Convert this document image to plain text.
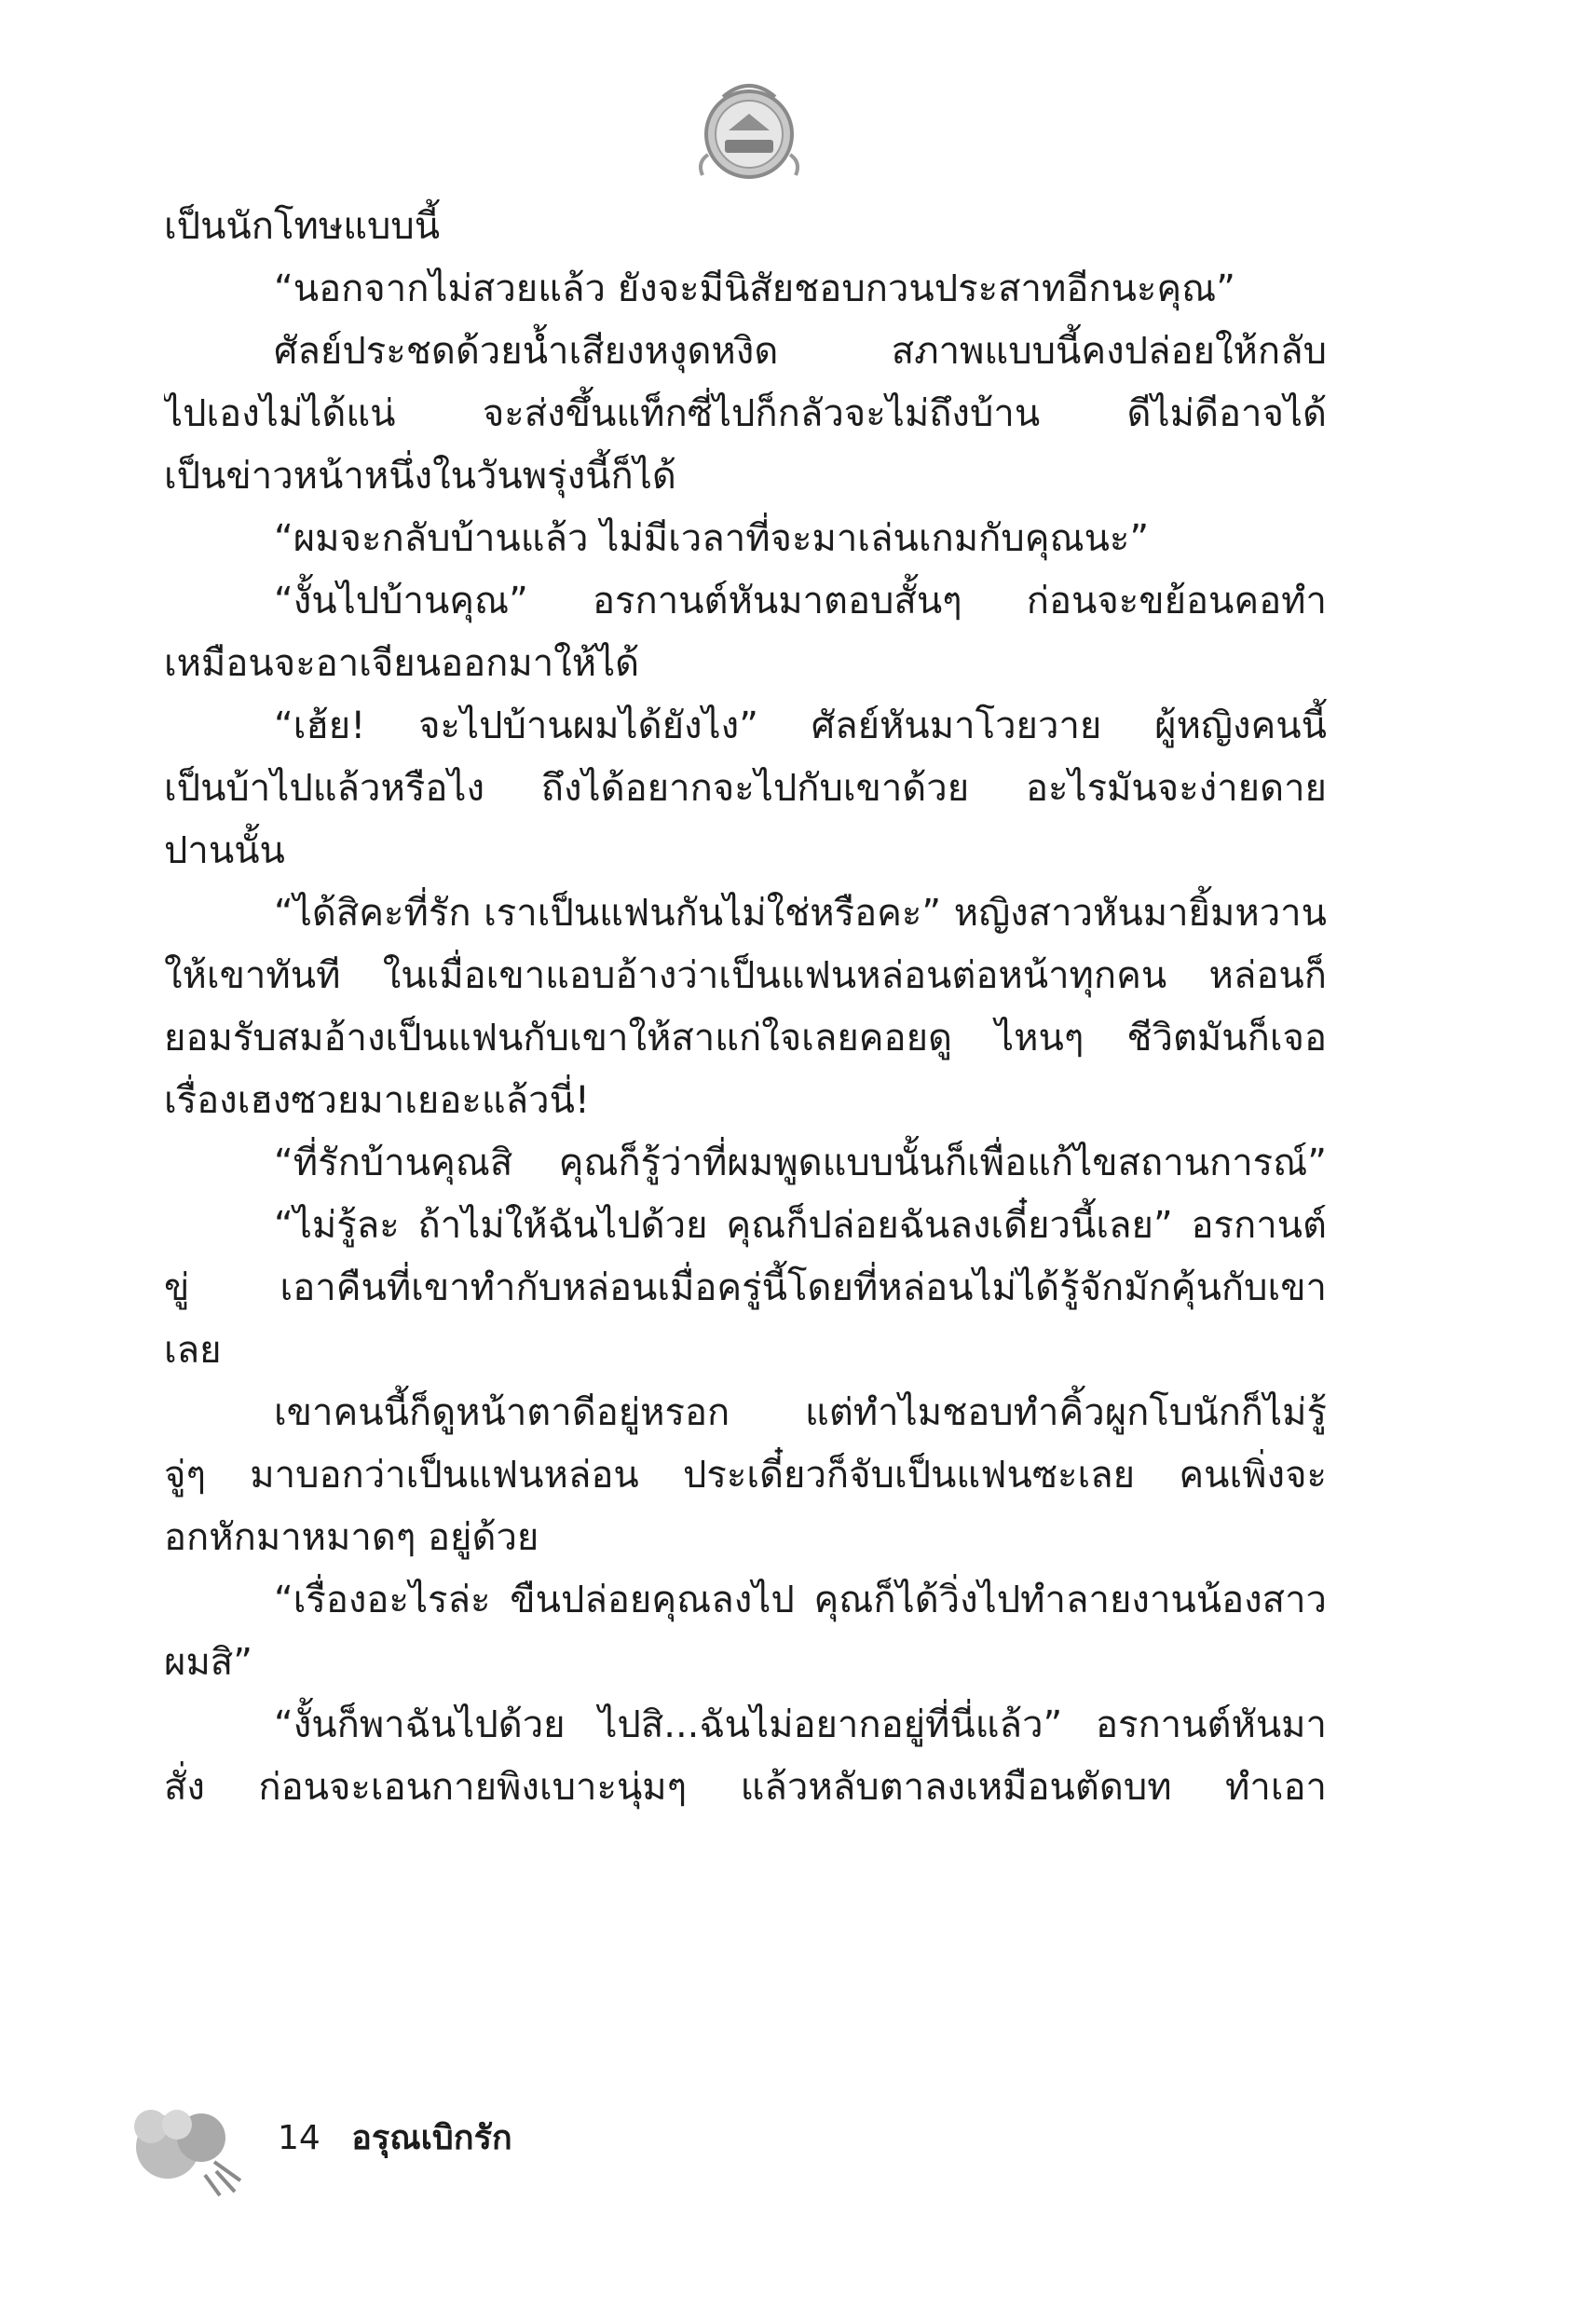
เป็นนักโทษแบบนี้
“นอกจากไม่สวยแล้ว ยังจะมีนิสัยชอบกวนประสาทอีกนะคุณ”
ศัลย์ประชดด้วยน้ำเสียงหงุดหงิด สภาพแบบนี้คงปล่อยให้กลับ
ไปเองไม่ได้แน่ จะส่งขึ้นแท็กซี่ไปก็กลัวจะไม่ถึงบ้าน ดีไม่ดีอาจได้
เป็นข่าวหน้าหนึ่งในวันพรุ่งนี้ก็ได้
“ผมจะกลับบ้านแล้ว ไม่มีเวลาที่จะมาเล่นเกมกับคุณนะ”
“งั้นไปบ้านคุณ” อรกานต์หันมาตอบสั้นๆ ก่อนจะขย้อนคอทำ
เหมือนจะอาเจียนออกมาให้ได้
“เฮ้ย! จะไปบ้านผมได้ยังไง” ศัลย์หันมาโวยวาย ผู้หญิงคนนี้
เป็นบ้าไปแล้วหรือไง ถึงได้อยากจะไปกับเขาด้วย อะไรมันจะง่ายดาย
ปานนั้น
“ได้สิคะที่รัก เราเป็นแฟนกันไม่ใช่หรือคะ” หญิงสาวหันมายิ้มหวาน
ให้เขาทันที ในเมื่อเขาแอบอ้างว่าเป็นแฟนหล่อนต่อหน้าทุกคน หล่อนก็
ยอมรับสมอ้างเป็นแฟนกับเขาให้สาแก่ใจเลยคอยดู ไหนๆ ชีวิตมันก็เจอ
เรื่องเฮงซวยมาเยอะแล้วนี่!
“ที่รักบ้านคุณสิ คุณก็รู้ว่าที่ผมพูดแบบนั้นก็เพื่อแก้ไขสถานการณ์”
“ไม่รู้ละ ถ้าไม่ให้ฉันไปด้วย คุณก็ปล่อยฉันลงเดี๋ยวนี้เลย” อรกานต์
ขู่ เอาคืนที่เขาทำกับหล่อนเมื่อครู่นี้โดยที่หล่อนไม่ได้รู้จักมักคุ้นกับเขา
เลย
เขาคนนี้ก็ดูหน้าตาดีอยู่หรอก แต่ทำไมชอบทำคิ้วผูกโบนักก็ไม่รู้
จู่ๆ มาบอกว่าเป็นแฟนหล่อน ประเดี๋ยวก็จับเป็นแฟนซะเลย คนเพิ่งจะ
อกหักมาหมาดๆ อยู่ด้วย
“เรื่องอะไรล่ะ ขืนปล่อยคุณลงไป คุณก็ได้วิ่งไปทำลายงานน้องสาว
ผมสิ”
“งั้นก็พาฉันไปด้วย ไปสิ...ฉันไม่อยากอยู่ที่นี่แล้ว” อรกานต์หันมา
สั่ง ก่อนจะเอนกายพิงเบาะนุ่มๆ แล้วหลับตาลงเหมือนตัดบท ทำเอา
14 อรุณเบิกรัก
